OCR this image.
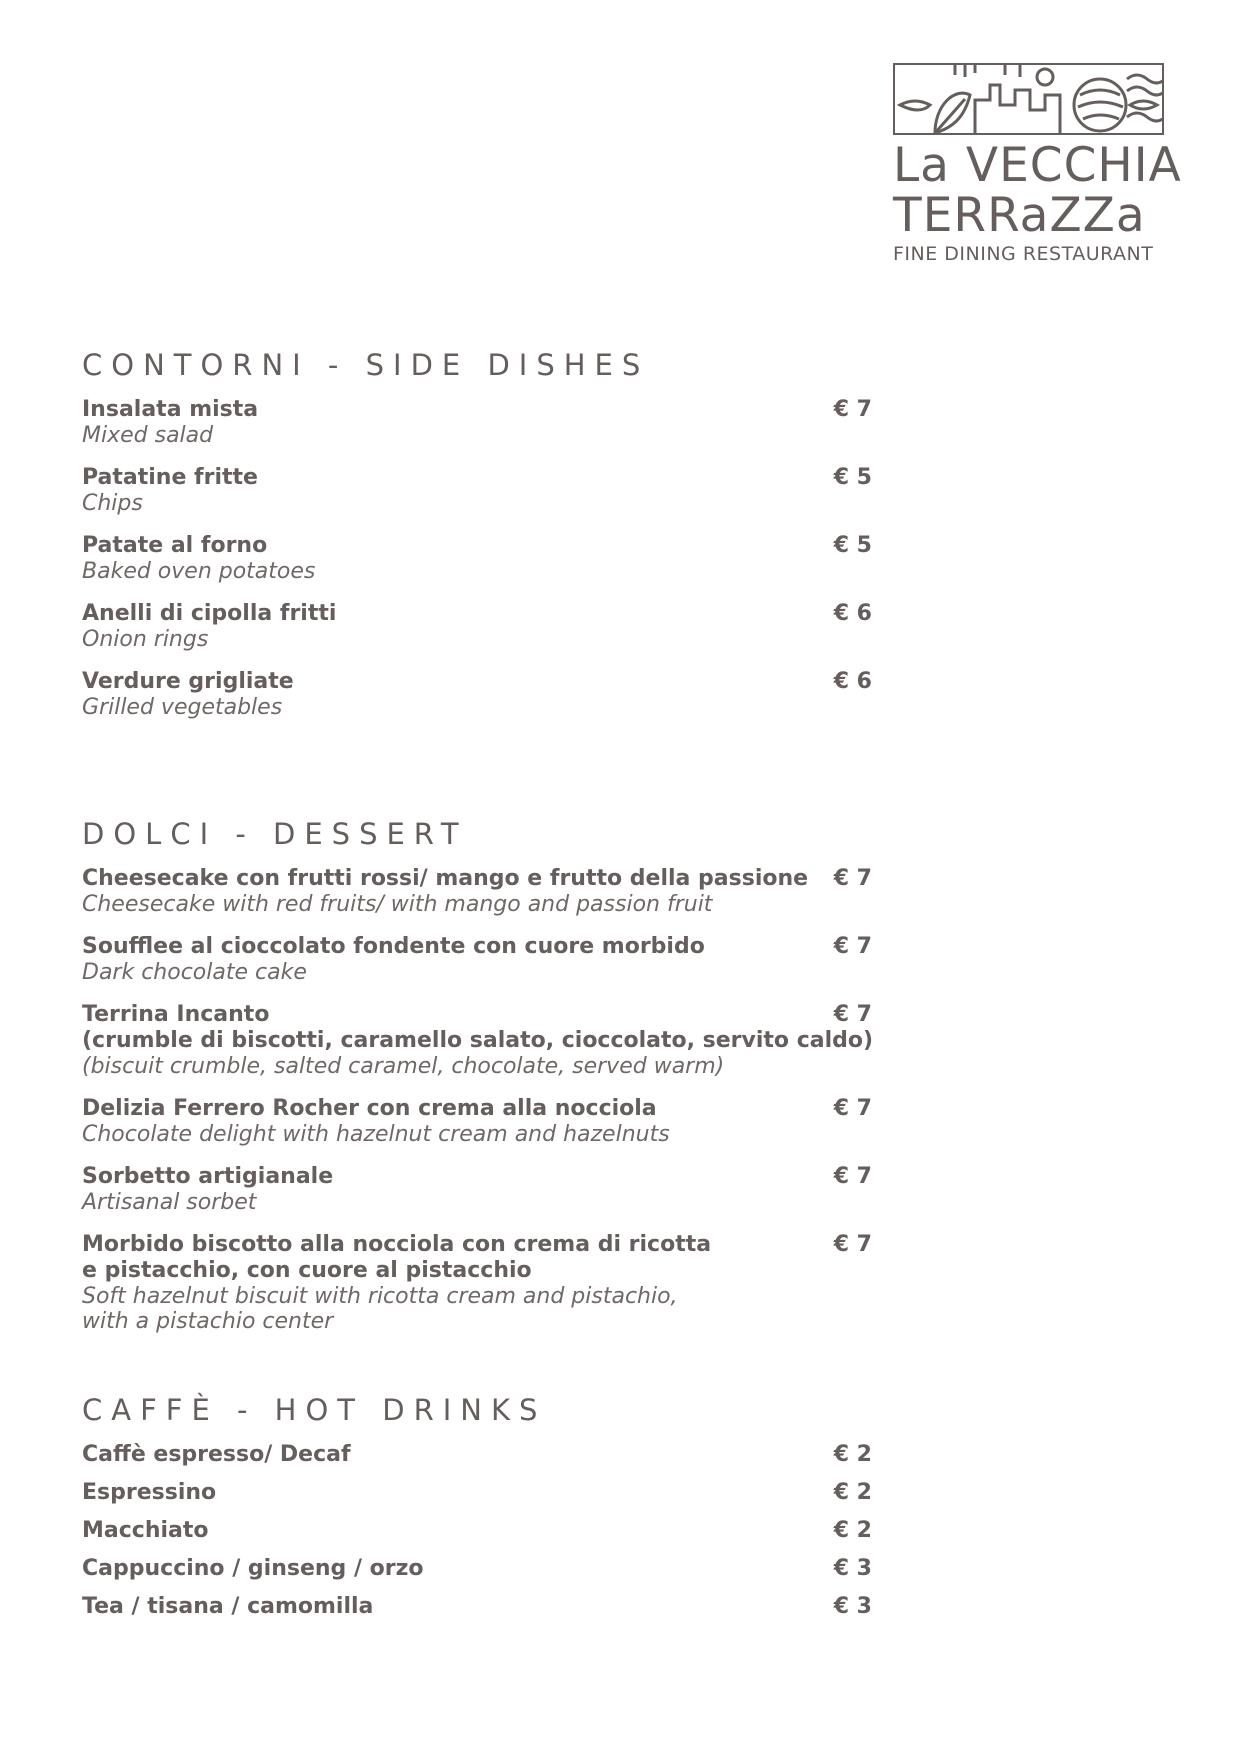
La VECCHIA
TERRaZZa
FINE DINING RESTAURANT
CONTORNI - SIDE DISHES
Insalata mista
Mixed salad
€ 7
Patatine fritte
Chips
€ 5
Patate al forno
Baked oven potatoes
€ 5
Anelli di cipolla fritti
Onion rings
€ 6
Verdure grigliate
Grilled vegetables
€ 6
DOLCI - DESSERT
Cheesecake con frutti rossi/ mango e frutto della passione
Cheesecake with red fruits/ with mango and passion fruit
€ 7
Soufflee al cioccolato fondente con cuore morbido
Dark chocolate cake
€ 7
Terrina Incanto
(crumble di biscotti, caramello salato, cioccolato, servito caldo)
(biscuit crumble, salted caramel, chocolate, served warm)
€ 7
Delizia Ferrero Rocher con crema alla nocciola
Chocolate delight with hazelnut cream and hazelnuts
€ 7
Sorbetto artigianale
Artisanal sorbet
€ 7
Morbido biscotto alla nocciola con crema di ricotta
e pistacchio, con cuore al pistacchio
Soft hazelnut biscuit with ricotta cream and pistachio,
with a pistachio center
€ 7
CAFFÈ - HOT DRINKS
Caffè espresso/ Decaf	€ 2
Espressino	€ 2
Macchiato	€ 2
Cappuccino / ginseng / orzo	€ 3
Tea / tisana / camomilla	€ 3
